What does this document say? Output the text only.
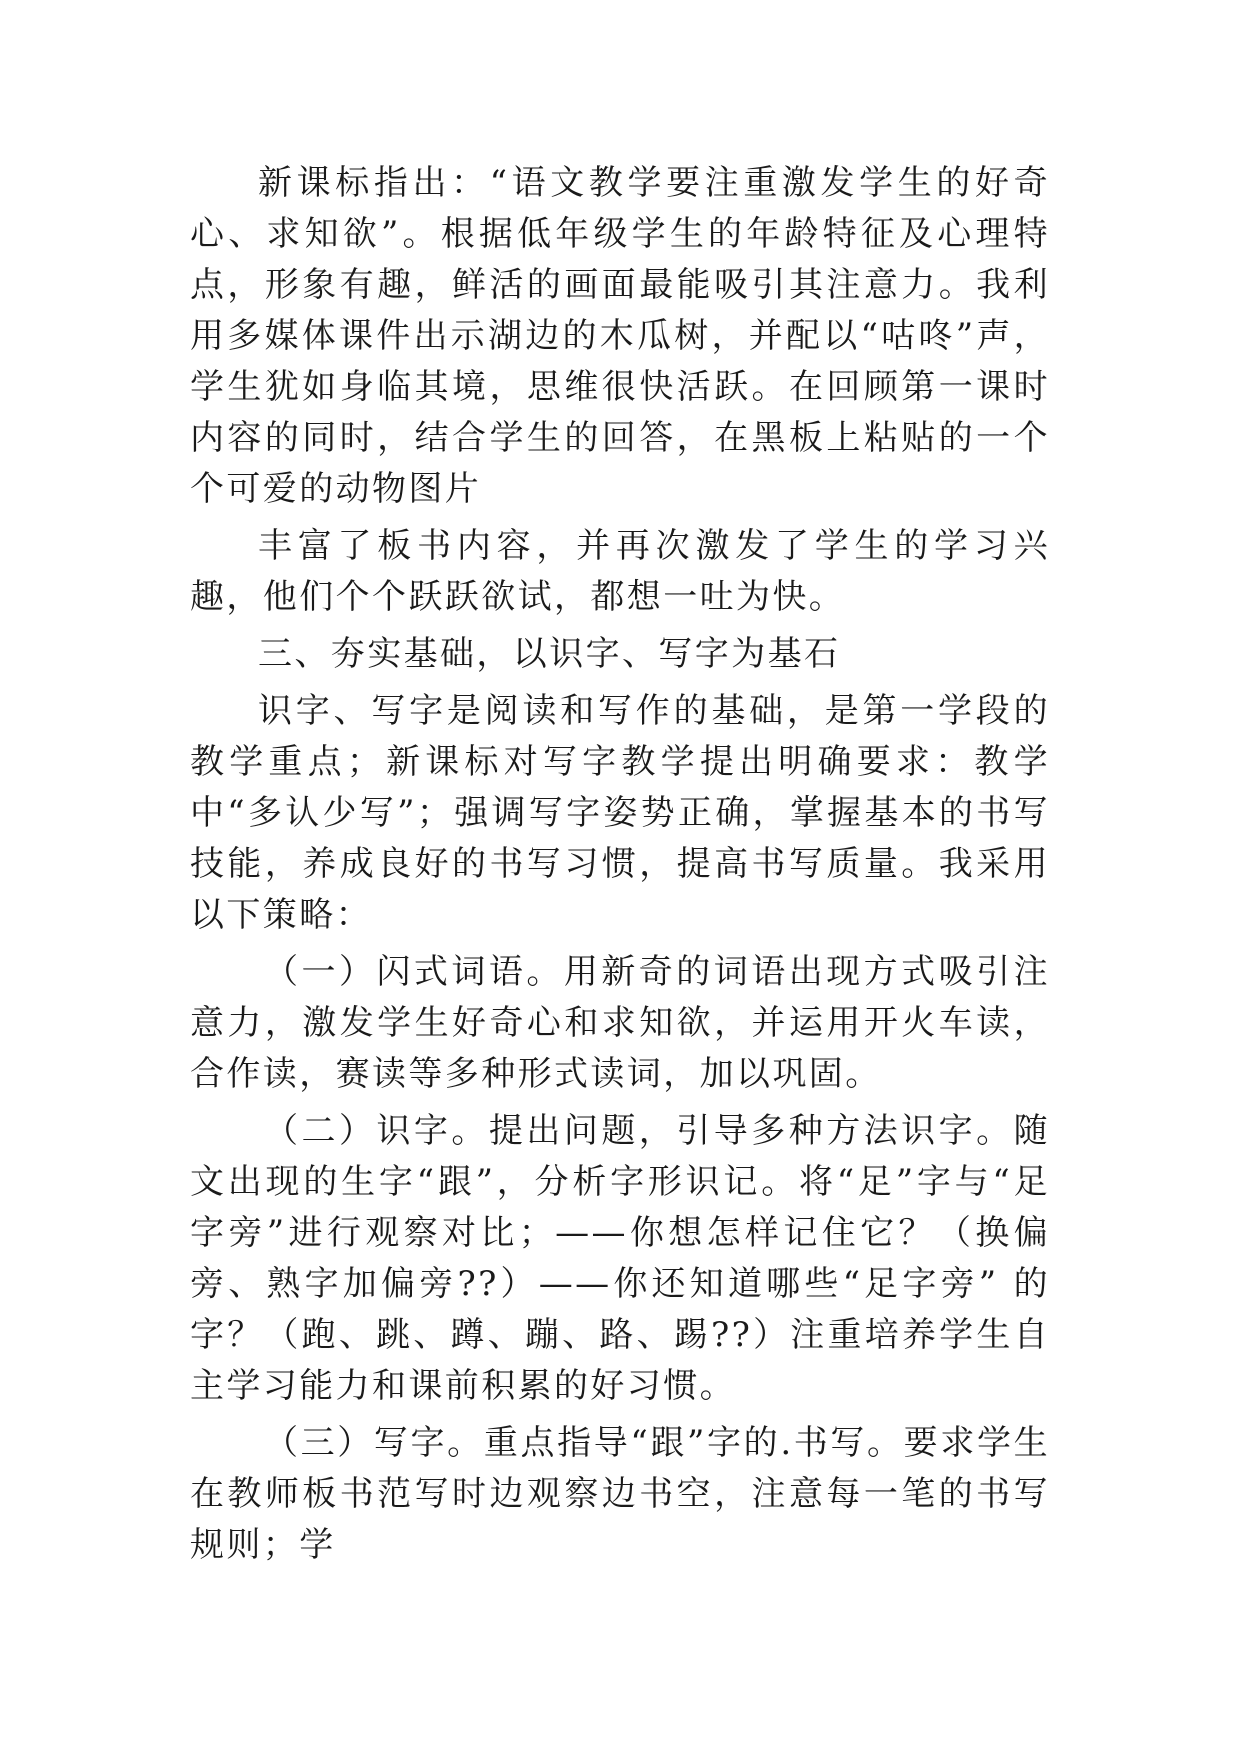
新课标指出：“语文教学要注重激发学生的好奇心、求知欲”。根据低年级学生的年龄特征及心理特点，形象有趣，鲜活的画面最能吸引其注意力。我利用多媒体课件出示湖边的木瓜树，并配以“咕咚”声，学生犹如身临其境，思维很快活跃。在回顾第一课时内容的同时，结合学生的回答，在黑板上粘贴的一个个可爱的动物图片

丰富了板书内容，并再次激发了学生的学习兴趣，他们个个跃跃欲试，都想一吐为快。

三、夯实基础，以识字、写字为基石

识字、写字是阅读和写作的基础，是第一学段的教学重点；新课标对写字教学提出明确要求：教学中“多认少写”；强调写字姿势正确，掌握基本的书写技能，养成良好的书写习惯，提高书写质量。我采用以下策略：

（一）闪式词语。用新奇的词语出现方式吸引注意力，激发学生好奇心和求知欲，并运用开火车读，合作读，赛读等多种形式读词，加以巩固。

（二）识字。提出问题，引导多种方法识字。随文出现的生字“跟”，分析字形识记。将“足”字与“足字旁”进行观察对比；——你想怎样记住它？（换偏旁、熟字加偏旁??）——你还知道哪些“足字旁” 的字？（跑、跳、蹲、蹦、路、踢??）注重培养学生自主学习能力和课前积累的好习惯。

（三）写字。重点指导“跟”字的.书写。要求学生在教师板书范写时边观察边书空，注意每一笔的书写规则；学
